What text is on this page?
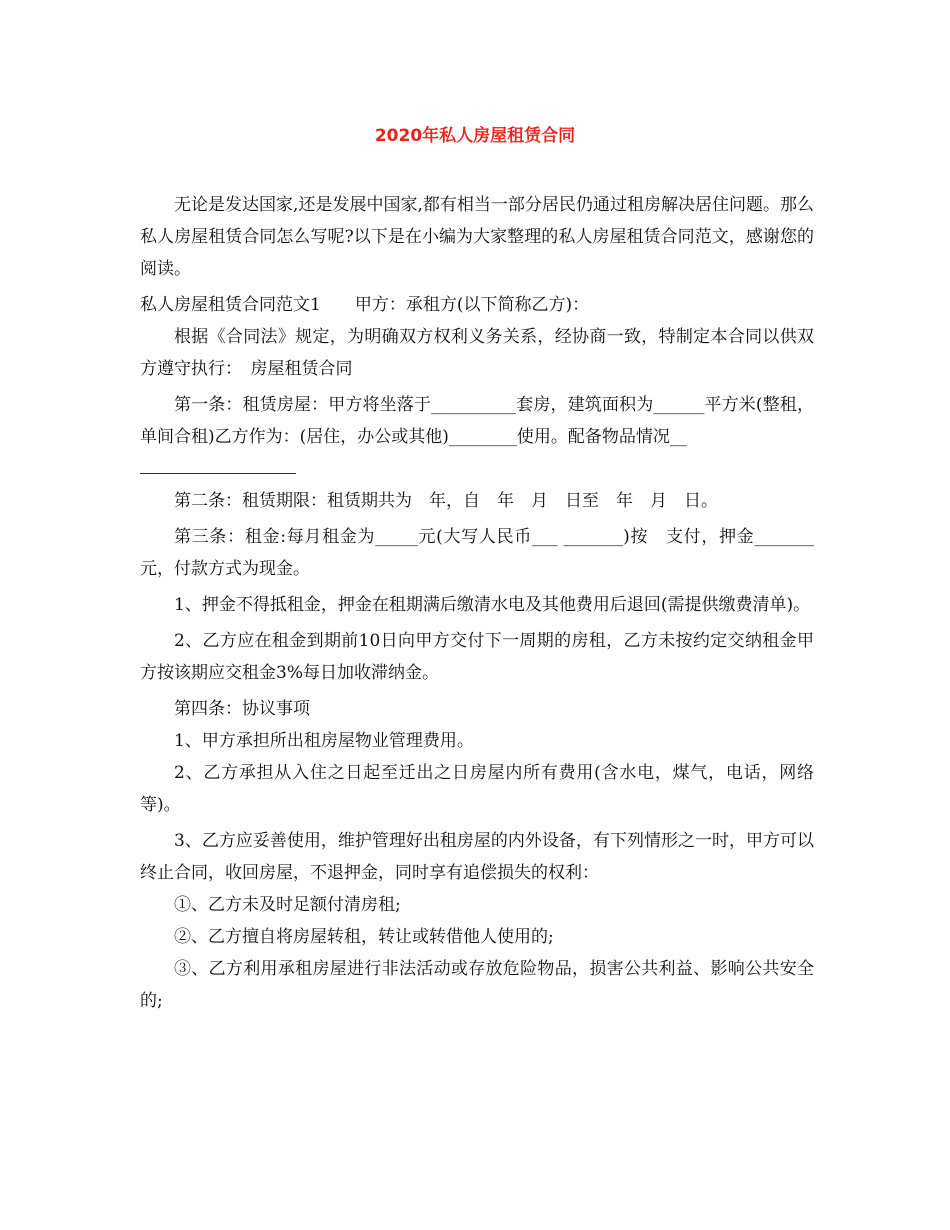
2020年私人房屋租赁合同

无论是发达国家,还是发展中国家,都有相当一部分居民仍通过租房解决居住问题。那么私人房屋租赁合同怎么写呢?以下是在小编为大家整理的私人房屋租赁合同范文，感谢您的阅读。

私人房屋租赁合同范文1　　甲方：承租方(以下简称乙方)：

根据《合同法》规定，为明确双方权利义务关系，经协商一致，特制定本合同以供双方遵守执行：　房屋租赁合同

第一条：租赁房屋：甲方将坐落于__________套房，建筑面积为______平方米(整租，单间合租)乙方作为：(居住，办公或其他)________使用。配备物品情况__

第二条：租赁期限：租赁期共为　年，自　年　月　日至　年　月　日。

第三条：租金:每月租金为_____元(大写人民币___ _______)按　支付，押金_______元，付款方式为现金。

1、押金不得抵租金，押金在租期满后缴清水电及其他费用后退回(需提供缴费清单)。

2、乙方应在租金到期前10日向甲方交付下一周期的房租，乙方未按约定交纳租金甲方按该期应交租金3%每日加收滞纳金。

第四条：协议事项

1、甲方承担所出租房屋物业管理费用。

2、乙方承担从入住之日起至迁出之日房屋内所有费用(含水电，煤气，电话，网络等)。

3、乙方应妥善使用，维护管理好出租房屋的内外设备，有下列情形之一时，甲方可以终止合同，收回房屋，不退押金，同时享有追偿损失的权利：

①、乙方未及时足额付清房租;

②、乙方擅自将房屋转租，转让或转借他人使用的;

③、乙方利用承租房屋进行非法活动或存放危险物品，损害公共利益、影响公共安全的;
